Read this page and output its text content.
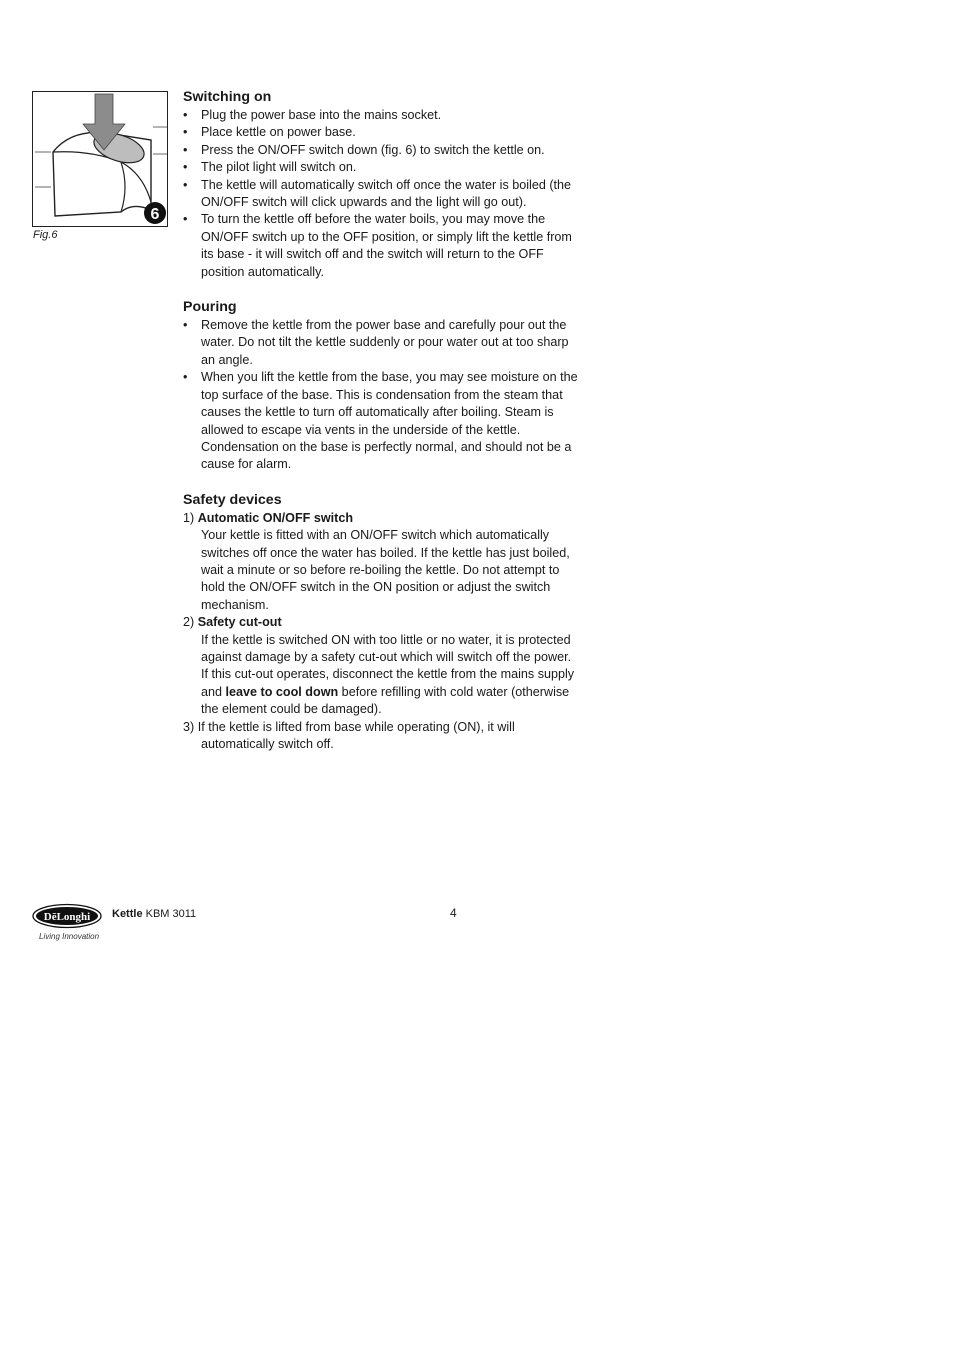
6
Fig.6
Switching on
• Plug the power base into the mains socket.
• Place kettle on power base.
• Press the ON/OFF switch down (fig. 6) to switch the kettle on.
• The pilot light will switch on.
• The kettle will automatically switch off once the water is boiled (the ON/OFF switch will click upwards and the light will go out).
• To turn the kettle off before the water boils, you may move the ON/OFF switch up to the OFF position, or simply lift the kettle from its base - it will switch off and the switch will return to the OFF position automatically.
Pouring
• Remove the kettle from the power base and carefully pour out the water. Do not tilt the kettle suddenly or pour water out at too sharp an angle.
• When you lift the kettle from the base, you may see moisture on the top surface of the base. This is condensation from the steam that causes the kettle to turn off automatically after boiling. Steam is allowed to escape via vents in the underside of the kettle. Condensation on the base is perfectly normal, and should not be a cause for alarm.
Safety devices

1) Automatic ON/OFF switch

Your kettle is fitted with an ON/OFF switch which automatically switches off once the water has boiled. If the kettle has just boiled, wait a minute or so before re-boiling the kettle. Do not attempt to hold the ON/OFF switch in the ON position or adjust the switch mechanism.

2) Safety cut-out

If the kettle is switched ON with too little or no water, it is protected against damage by a safety cut-out which will switch off the power.
If this cut-out operates, disconnect the kettle from the mains supply and leave to cool down before refilling with cold water (otherwise the element could be damaged).
3) If the kettle is lifted from base while operating (ON), it will automatically switch off.
DēLonghi
Living Innovation
Kettle KBM 3011	4
